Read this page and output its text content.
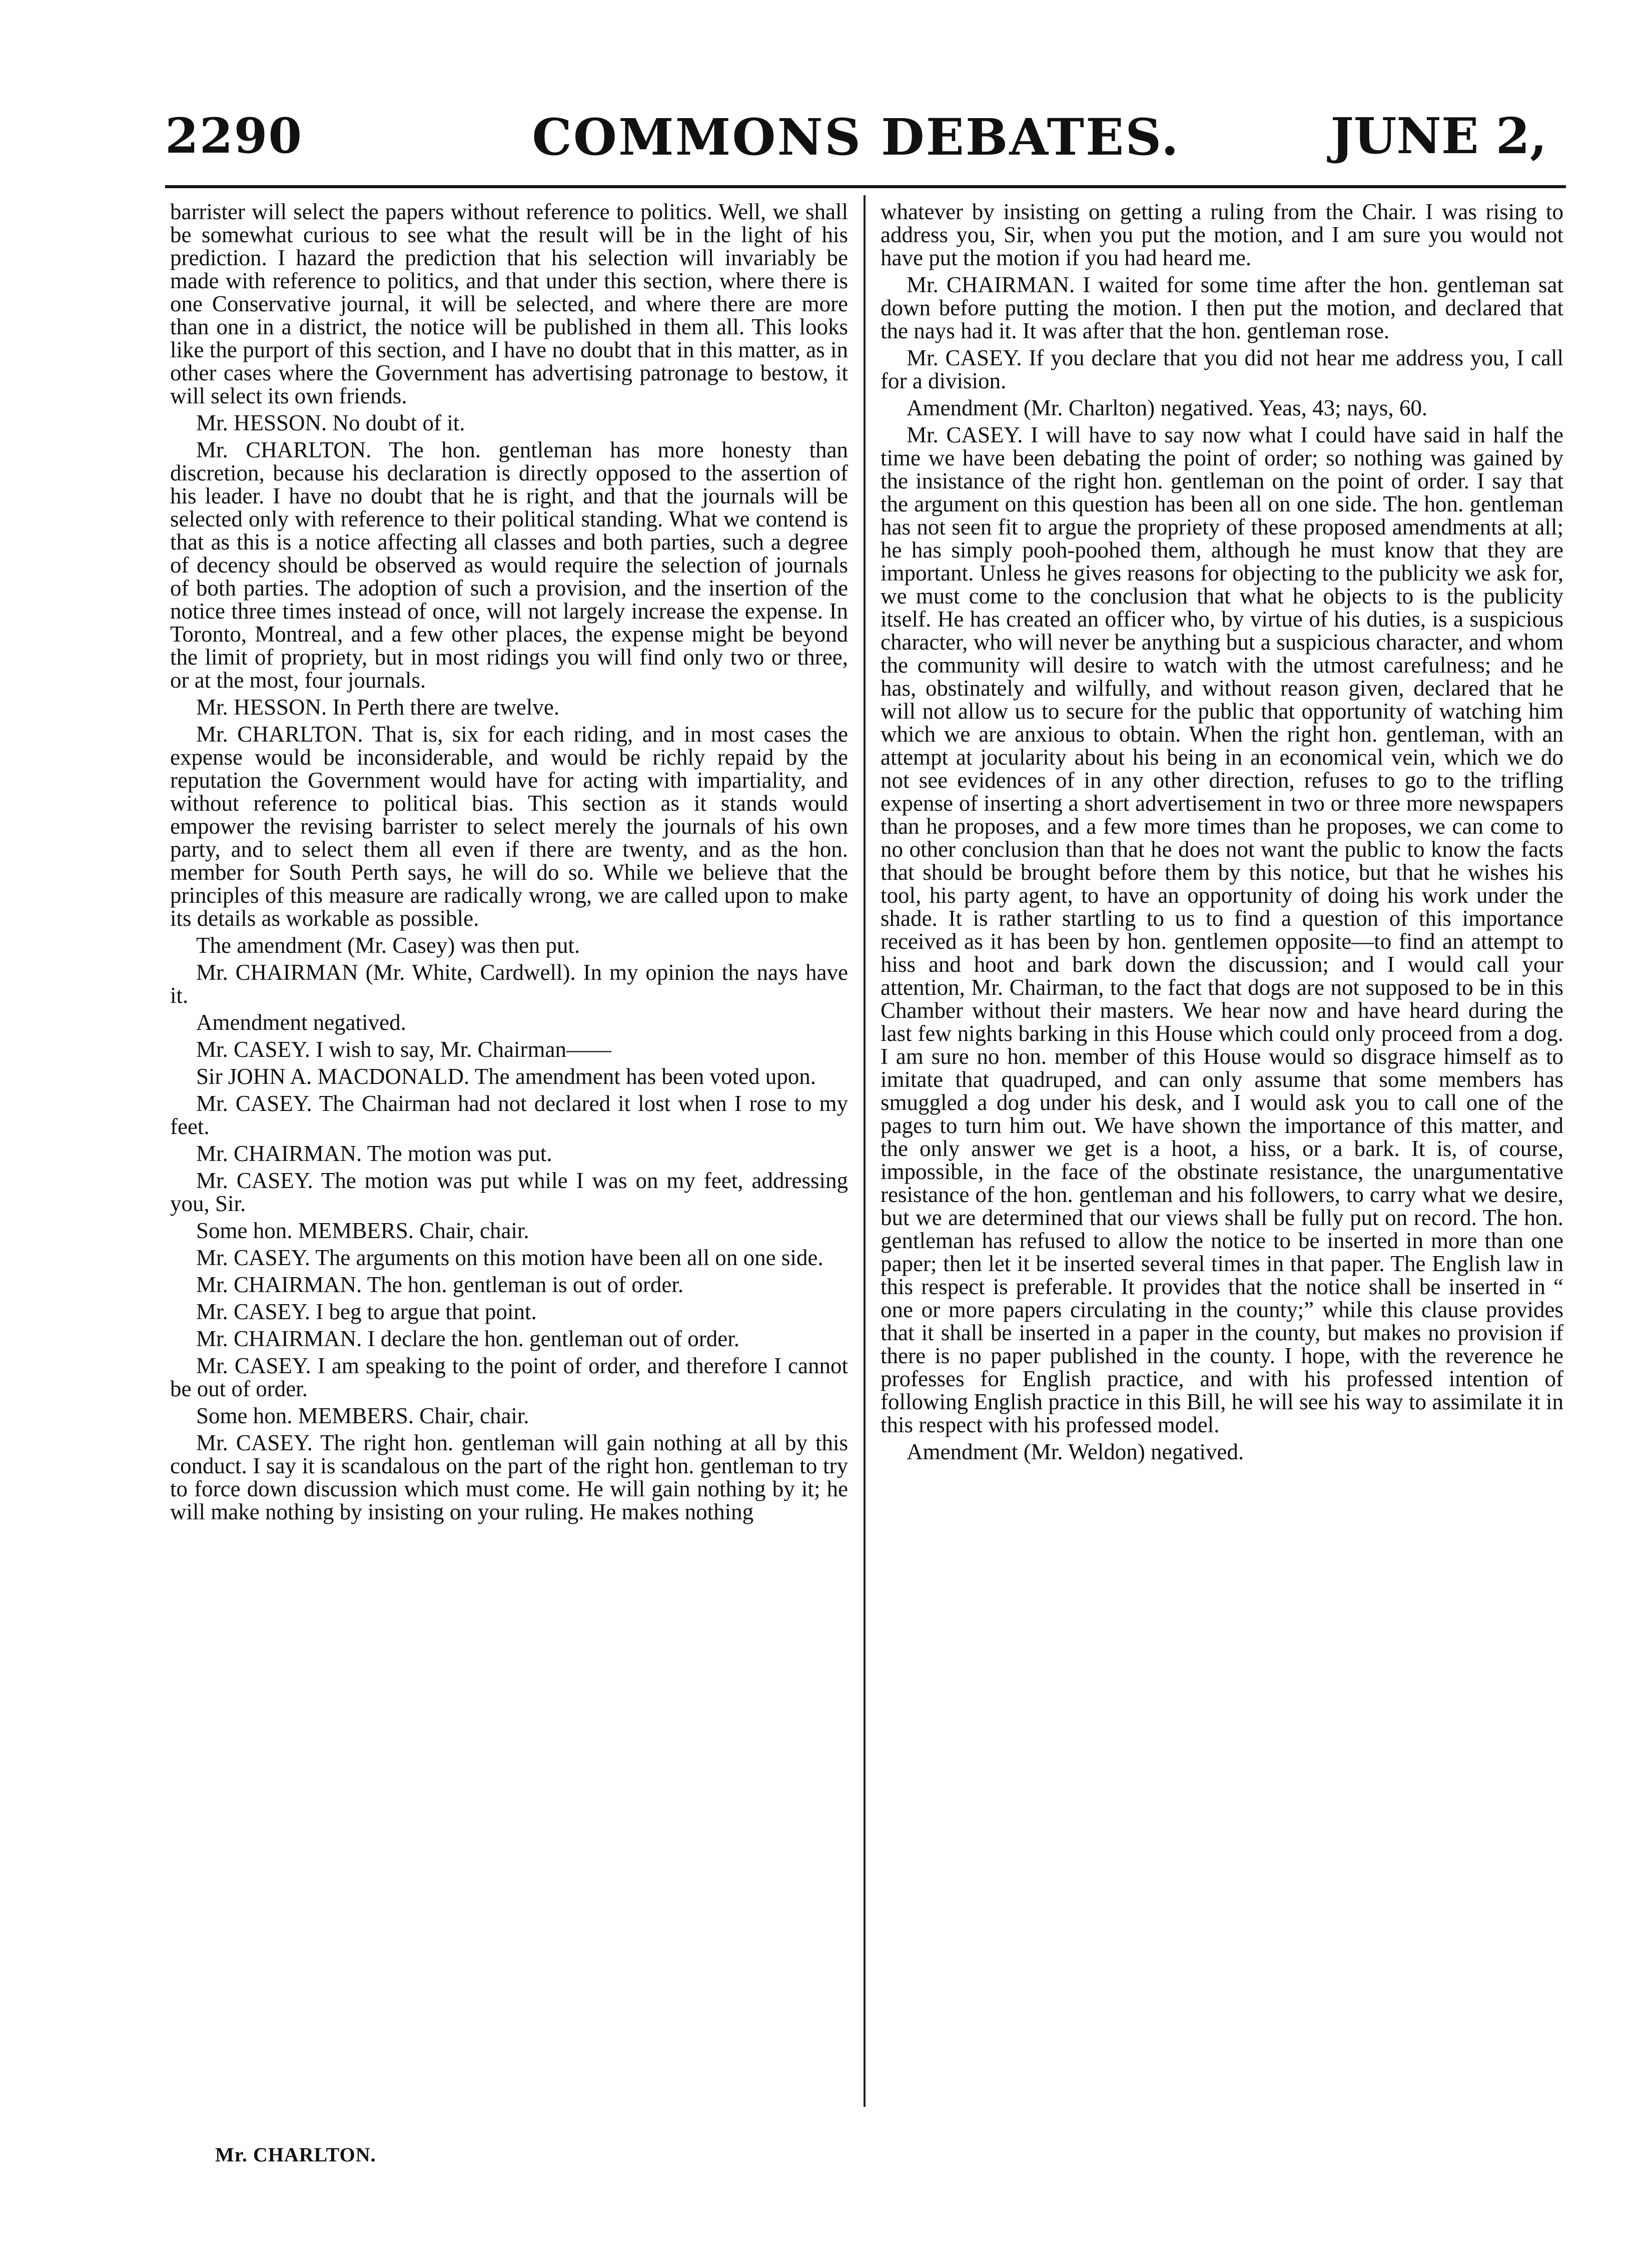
2290	COMMONS DEBATES.	JUNE 2,

barrister will select the papers without reference to politics. Well, we shall be somewhat curious to see what the result will be in the light of his prediction. I hazard the prediction that his selection will invariably be made with reference to politics, and that under this section, where there is one Conservative journal, it will be selected, and where there are more than one in a district, the notice will be published in them all. This looks like the purport of this section, and I have no doubt that in this matter, as in other cases where the Government has advertising patronage to bestow, it will select its own friends.

Mr. HESSON. No doubt of it.

Mr. CHARLTON. The hon. gentleman has more honesty than discretion, because his declaration is directly opposed to the assertion of his leader. I have no doubt that he is right, and that the journals will be selected only with reference to their political standing. What we contend is that as this is a notice affecting all classes and both parties, such a degree of decency should be observed as would require the selection of journals of both parties. The adoption of such a provision, and the insertion of the notice three times instead of once, will not largely increase the expense. In Toronto, Montreal, and a few other places, the expense might be beyond the limit of propriety, but in most ridings you will find only two or three, or at the most, four journals.

Mr. HESSON. In Perth there are twelve.

Mr. CHARLTON. That is, six for each riding, and in most cases the expense would be inconsiderable, and would be richly repaid by the reputation the Government would have for acting with impartiality, and without reference to political bias. This section as it stands would empower the revising barrister to select merely the journals of his own party, and to select them all even if there are twenty, and as the hon. member for South Perth says, he will do so. While we believe that the principles of this measure are radically wrong, we are called upon to make its details as workable as possible.

The amendment (Mr. Casey) was then put.

Mr. CHAIRMAN (Mr. White, Cardwell). In my opinion the nays have it.

Amendment negatived.

Mr. CASEY. I wish to say, Mr. Chairman——

Sir JOHN A. MACDONALD. The amendment has been voted upon.

Mr. CASEY. The Chairman had not declared it lost when I rose to my feet.

Mr. CHAIRMAN. The motion was put.

Mr. CASEY. The motion was put while I was on my feet, addressing you, Sir.

Some hon. MEMBERS. Chair, chair.

Mr. CASEY. The arguments on this motion have been all on one side.

Mr. CHAIRMAN. The hon. gentleman is out of order.

Mr. CASEY. I beg to argue that point.

Mr. CHAIRMAN. I declare the hon. gentleman out of order.

Mr. CASEY. I am speaking to the point of order, and therefore I cannot be out of order.

Some hon. MEMBERS. Chair, chair.

Mr. CASEY. The right hon. gentleman will gain nothing at all by this conduct. I say it is scandalous on the part of the right hon. gentleman to try to force down discussion which must come. He will gain nothing by it; he will make nothing by insisting on your ruling. He makes nothing

whatever by insisting on getting a ruling from the Chair. I was rising to address you, Sir, when you put the motion, and I am sure you would not have put the motion if you had heard me.

Mr. CHAIRMAN. I waited for some time after the hon. gentleman sat down before putting the motion. I then put the motion, and declared that the nays had it. It was after that the hon. gentleman rose.

Mr. CASEY. If you declare that you did not hear me address you, I call for a division.

Amendment (Mr. Charlton) negatived. Yeas, 43; nays, 60.

Mr. CASEY. I will have to say now what I could have said in half the time we have been debating the point of order; so nothing was gained by the insistance of the right hon. gentleman on the point of order. I say that the argument on this question has been all on one side. The hon. gentleman has not seen fit to argue the propriety of these proposed amendments at all; he has simply pooh-poohed them, although he must know that they are important. Unless he gives reasons for objecting to the publicity we ask for, we must come to the conclusion that what he objects to is the publicity itself. He has created an officer who, by virtue of his duties, is a suspicious character, who will never be anything but a suspicious character, and whom the community will desire to watch with the utmost carefulness; and he has, obstinately and wilfully, and without reason given, declared that he will not allow us to secure for the public that opportunity of watching him which we are anxious to obtain. When the right hon. gentleman, with an attempt at jocularity about his being in an economical vein, which we do not see evidences of in any other direction, refuses to go to the trifling expense of inserting a short advertisement in two or three more newspapers than he proposes, and a few more times than he proposes, we can come to no other conclusion than that he does not want the public to know the facts that should be brought before them by this notice, but that he wishes his tool, his party agent, to have an opportunity of doing his work under the shade. It is rather startling to us to find a question of this importance received as it has been by hon. gentlemen opposite—to find an attempt to hiss and hoot and bark down the discussion; and I would call your attention, Mr. Chairman, to the fact that dogs are not supposed to be in this Chamber without their masters. We hear now and have heard during the last few nights barking in this House which could only proceed from a dog. I am sure no hon. member of this House would so disgrace himself as to imitate that quadruped, and can only assume that some members has smuggled a dog under his desk, and I would ask you to call one of the pages to turn him out. We have shown the importance of this matter, and the only answer we get is a hoot, a hiss, or a bark. It is, of course, impossible, in the face of the obstinate resistance, the unargumentative resistance of the hon. gentleman and his followers, to carry what we desire, but we are determined that our views shall be fully put on record. The hon. gentleman has refused to allow the notice to be inserted in more than one paper; then let it be inserted several times in that paper. The English law in this respect is preferable. It provides that the notice shall be inserted in “ one or more papers circulating in the county;” while this clause provides that it shall be inserted in a paper in the county, but makes no provision if there is no paper published in the county. I hope, with the reverence he professes for English practice, and with his professed intention of following English practice in this Bill, he will see his way to assimilate it in this respect with his professed model.

Amendment (Mr. Weldon) negatived.

Mr. CHARLTON.
